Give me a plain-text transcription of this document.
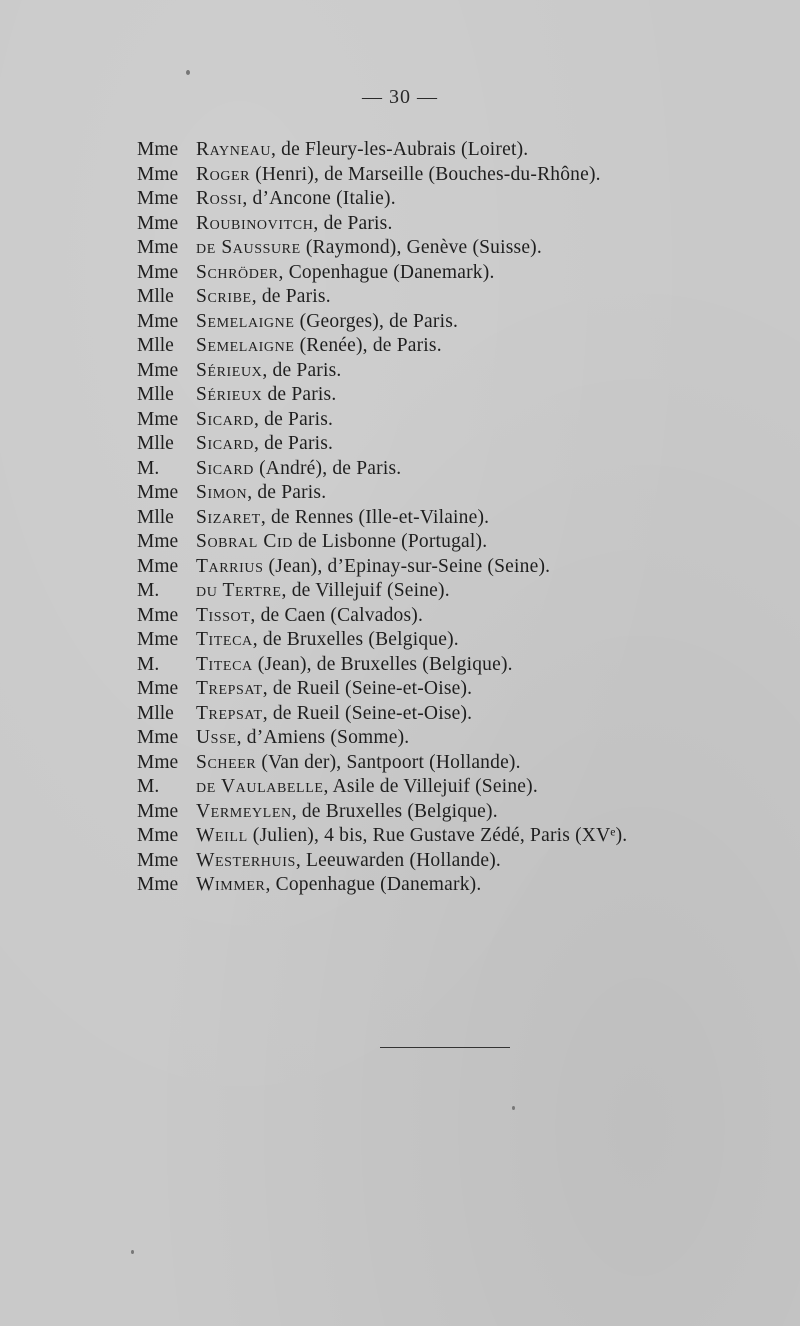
— 30 —
Mme Rayneau, de Fleury-les-Aubrais (Loiret).
Mme Roger (Henri), de Marseille (Bouches-du-Rhône).
Mme Rossi, d’Ancone (Italie).
Mme Roubinovitch, de Paris.
Mme de Saussure (Raymond), Genève (Suisse).
Mme Schröder, Copenhague (Danemark).
Mlle Scribe, de Paris.
Mme Semelaigne (Georges), de Paris.
Mlle Semelaigne (Renée), de Paris.
Mme Sérieux, de Paris.
Mlle Sérieux de Paris.
Mme Sicard, de Paris.
Mlle Sicard, de Paris.
M. Sicard (André), de Paris.
Mme Simon, de Paris.
Mlle Sizaret, de Rennes (Ille-et-Vilaine).
Mme Sobral Cid de Lisbonne (Portugal).
Mme Tarrius (Jean), d’Epinay-sur-Seine (Seine).
M. du Tertre, de Villejuif (Seine).
Mme Tissot, de Caen (Calvados).
Mme Titeca, de Bruxelles (Belgique).
M. Titeca (Jean), de Bruxelles (Belgique).
Mme Trepsat, de Rueil (Seine-et-Oise).
Mlle Trepsat, de Rueil (Seine-et-Oise).
Mme Usse, d’Amiens (Somme).
Mme Scheer (Van der), Santpoort (Hollande).
M. de Vaulabelle, Asile de Villejuif (Seine).
Mme Vermeylen, de Bruxelles (Belgique).
Mme Weill (Julien), 4 bis, Rue Gustave Zédé, Paris (XVᵉ).
Mme Westerhuis, Leeuwarden (Hollande).
Mme Wimmer, Copenhague (Danemark).
